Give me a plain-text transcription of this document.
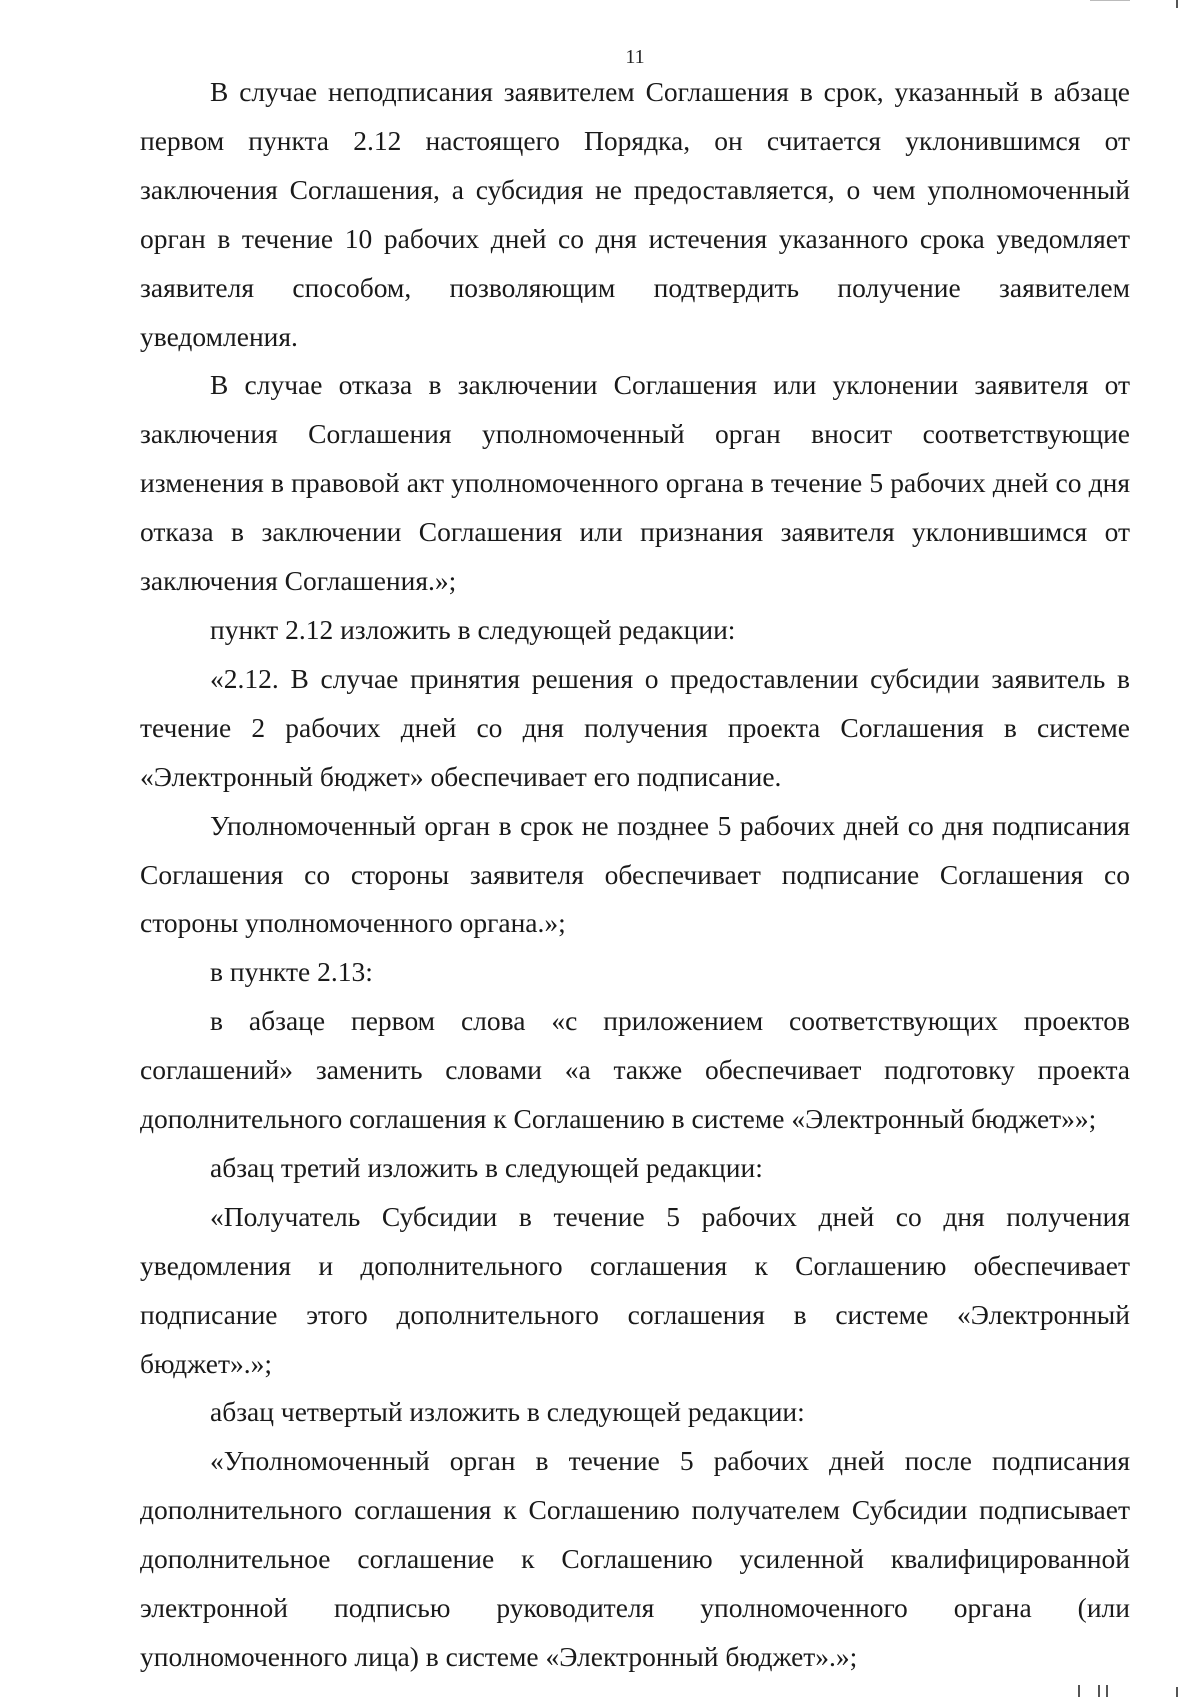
11

В случае неподписания заявителем Соглашения в срок, указанный в абзаце первом пункта 2.12 настоящего Порядка, он считается уклонившимся от заключения Соглашения, а субсидия не предоставляется, о чем уполномоченный орган в течение 10 рабочих дней со дня истечения указанного срока уведомляет заявителя способом, позволяющим подтвердить получение заявителем уведомления.

В случае отказа в заключении Соглашения или уклонении заявителя от заключения Соглашения уполномоченный орган вносит соответствующие изменения в правовой акт уполномоченного органа в течение 5 рабочих дней со дня отказа в заключении Соглашения или признания заявителя уклонившимся от заключения Соглашения.»;

пункт 2.12 изложить в следующей редакции:

«2.12. В случае принятия решения о предоставлении субсидии заявитель в течение 2 рабочих дней со дня получения проекта Соглашения в системе «Электронный бюджет» обеспечивает его подписание.

Уполномоченный орган в срок не позднее 5 рабочих дней со дня подписания Соглашения со стороны заявителя обеспечивает подписание Соглашения со стороны уполномоченного органа.»;

в пункте 2.13:

в абзаце первом слова «с приложением соответствующих проектов соглашений» заменить словами «а также обеспечивает подготовку проекта дополнительного соглашения к Соглашению в системе «Электронный бюджет»»;

абзац третий изложить в следующей редакции:

«Получатель Субсидии в течение 5 рабочих дней со дня получения уведомления и дополнительного соглашения к Соглашению обеспечивает подписание этого дополнительного соглашения в системе «Электронный бюджет».»;

абзац четвертый изложить в следующей редакции:

«Уполномоченный орган в течение 5 рабочих дней после подписания дополнительного соглашения к Соглашению получателем Субсидии подписывает дополнительное соглашение к Соглашению усиленной квалифицированной электронной подписью руководителя уполномоченного органа (или уполномоченного лица) в системе «Электронный бюджет».»;
